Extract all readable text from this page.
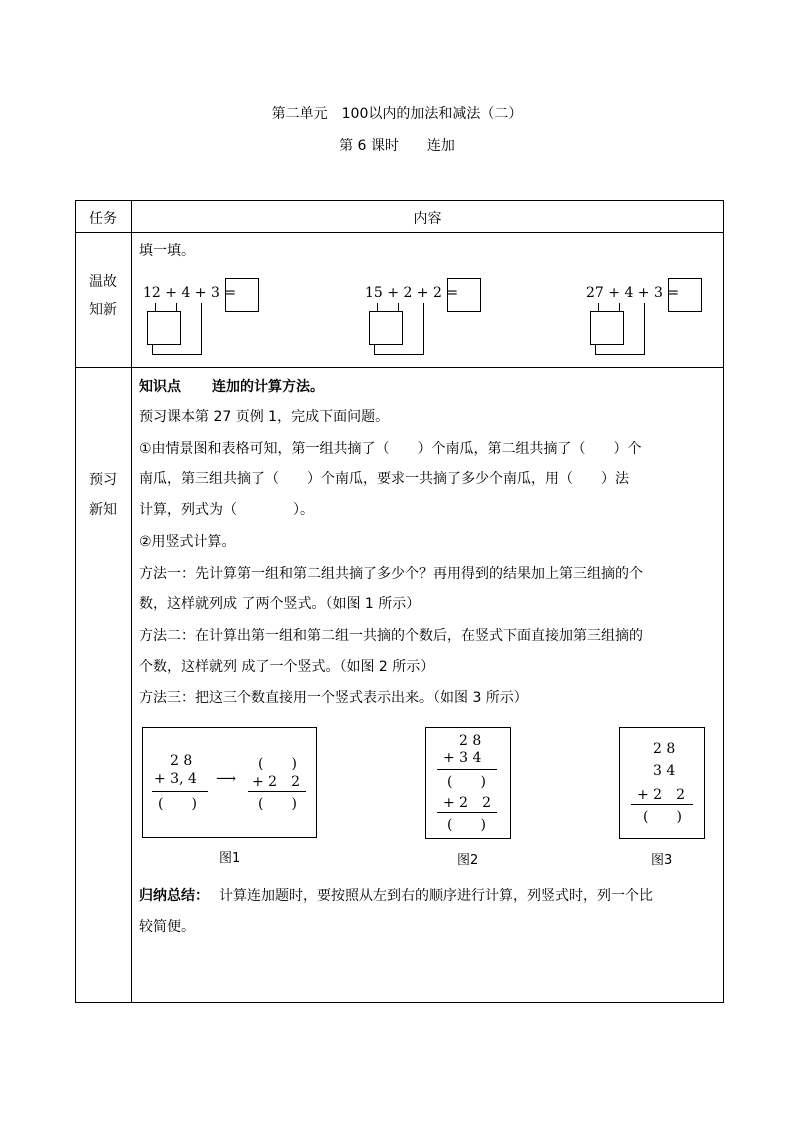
第二单元　100以内的加法和减法（二）
第 6 课时　　连加
任务	内容
温故
知新
填一填。
12 + 4 + 3 =	15 + 2 + 2 =	27 + 4 + 3 =
预习
新知
知识点 连加的计算方法。
预习课本第 27 页例 1，完成下面问题。
①由情景图和表格可知，第一组共摘了（　　）个南瓜，第二组共摘了（　　）个
南瓜，第三组共摘了（　　）个南瓜，要求一共摘了多少个南瓜，用（　　）法
计算，列式为（　　　　）。
②用竖式计算。
方法一：先计算第一组和第二组共摘了多少个？再用得到的结果加上第三组摘的个
数，这样就列成 了两个竖式。（如图 1 所示）
方法二：在计算出第一组和第二组一共摘的个数后，在竖式下面直接加第三组摘的
个数，这样就列 成了一个竖式。（如图 2 所示）
方法三：把这三个数直接用一个竖式表示出来。（如图 3 所示）
2 8
+ 3, 4
(　　)
⟶
(　　)
+ 2　2
(　　)
图1
2 8
+ 3 4
(　　)
+ 2　2
(　　)
图2
2 8
3 4
+ 2　2
(　　)
图3
归纳总结： 计算连加题时，要按照从左到右的顺序进行计算，列竖式时，列一个比
较简便。
